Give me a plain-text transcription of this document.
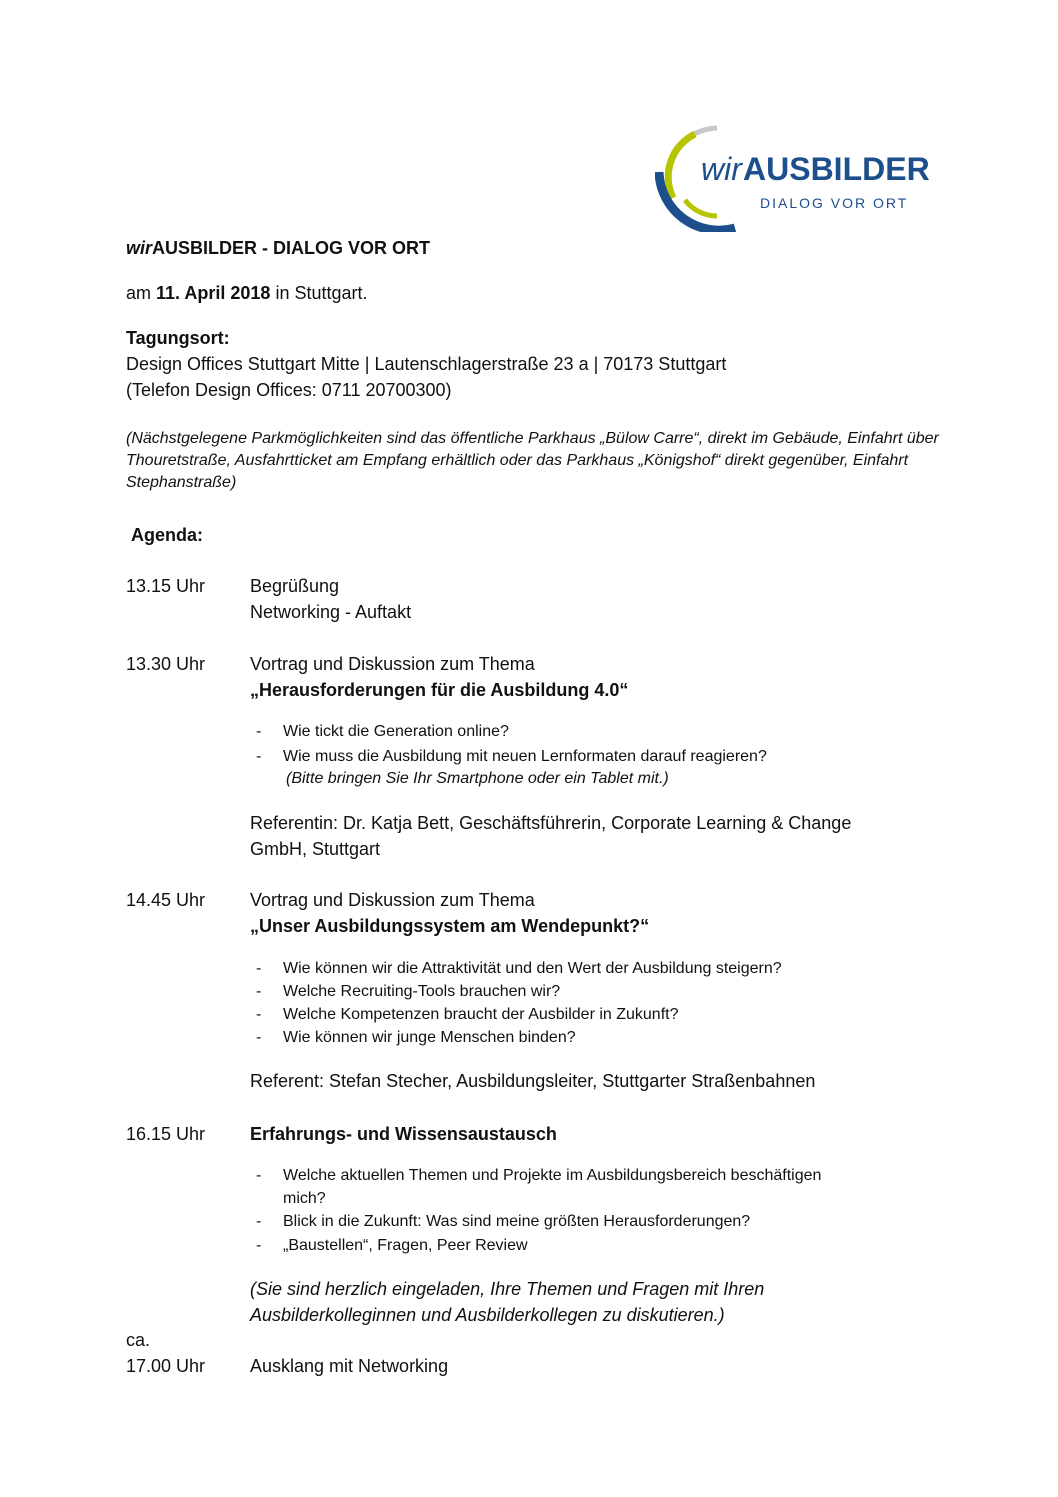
wir AUSBILDER
DIALOG VOR ORT
wirAUSBILDER - DIALOG VOR ORT
am 11. April 2018 in Stuttgart.
Tagungsort:
Design Offices Stuttgart Mitte | Lautenschlagerstraße 23 a | 70173 Stuttgart
(Telefon Design Offices: 0711 20700300)
(Nächstgelegene Parkmöglichkeiten sind das öffentliche Parkhaus „Bülow Carre“, direkt im Gebäude, Einfahrt über Thouretstraße, Ausfahrtticket am Empfang erhältlich oder das Parkhaus „Königshof“ direkt gegenüber, Einfahrt Stephanstraße)
Agenda:
13.15 Uhr Begrüßung
Networking - Auftakt
13.30 Uhr Vortrag und Diskussion zum Thema
„Herausforderungen für die Ausbildung 4.0“
- Wie tickt die Generation online?
- Wie muss die Ausbildung mit neuen Lernformaten darauf reagieren?
(Bitte bringen Sie Ihr Smartphone oder ein Tablet mit.)
Referentin: Dr. Katja Bett, Geschäftsführerin, Corporate Learning & Change
GmbH, Stuttgart
14.45 Uhr Vortrag und Diskussion zum Thema
„Unser Ausbildungssystem am Wendepunkt?“
- Wie können wir die Attraktivität und den Wert der Ausbildung steigern?
- Welche Recruiting-Tools brauchen wir?
- Welche Kompetenzen braucht der Ausbilder in Zukunft?
- Wie können wir junge Menschen binden?
Referent: Stefan Stecher, Ausbildungsleiter, Stuttgarter Straßenbahnen
16.15 Uhr Erfahrungs- und Wissensaustausch
- Welche aktuellen Themen und Projekte im Ausbildungsbereich beschäftigen
mich?
- Blick in die Zukunft: Was sind meine größten Herausforderungen?
- „Baustellen“, Fragen, Peer Review
(Sie sind herzlich eingeladen, Ihre Themen und Fragen mit Ihren
Ausbilderkolleginnen und Ausbilderkollegen zu diskutieren.)
ca.
17.00 Uhr Ausklang mit Networking
